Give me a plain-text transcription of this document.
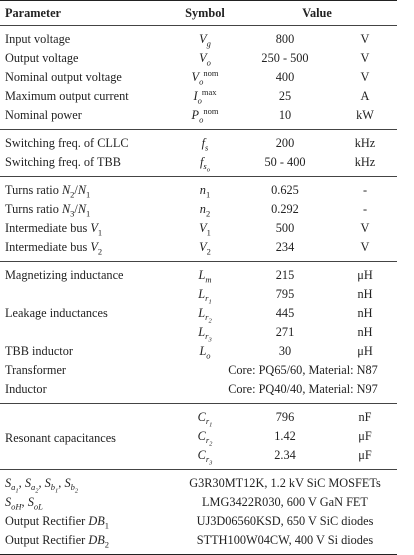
Parameter	Symbol	Value	
Input voltage	$V_g$	800	V
Output voltage	$V_o$	250 - 500	V
Nominal output voltage	$V_o^{nom}$	400	V
Maximum output current	$I_o^{max}$	25	A
Nominal power	$P_o^{nom}$	10	kW
Switching freq. of CLLC	$f_s$	200	kHz
Switching freq. of TBB	$f_{s_o}$	50 - 400	kHz
Turns ratio $N_2/N_1$	$n_1$	0.625	-
Turns ratio $N_3/N_1$	$n_2$	0.292	-
Intermediate bus $V_1$	$V_1$	500	V
Intermediate bus $V_2$	$V_2$	234	V
Magnetizing inductance	$L_m$	215	μH
	$L_{r_1}$	795	nH
Leakage inductances	$L_{r_2}$	445	nH
	$L_{r_3}$	271	nH
TBB inductor	$L_o$	30	μH
Transformer	Core: PQ65/60, Material: N87		
Inductor	Core: PQ40/40, Material: N97		
Resonant capacitances	$C_{r_1}$	796	nF
	$C_{r_2}$	1.42	μF
	$C_{r_3}$	2.34	μF
$S_{a_1}$, $S_{a_2}$, $S_{b_1}$, $S_{b_2}$	G3R30MT12K, 1.2 kV SiC MOSFETs		
$S_{oH}$, $S_{oL}$	LMG3422R030, 600 V GaN FET		
Output Rectifier $DB_1$	UJ3D06560KSD, 650 V SiC diodes		
Output Rectifier $DB_2$	STTH100W04CW, 400 V Si diodes		
